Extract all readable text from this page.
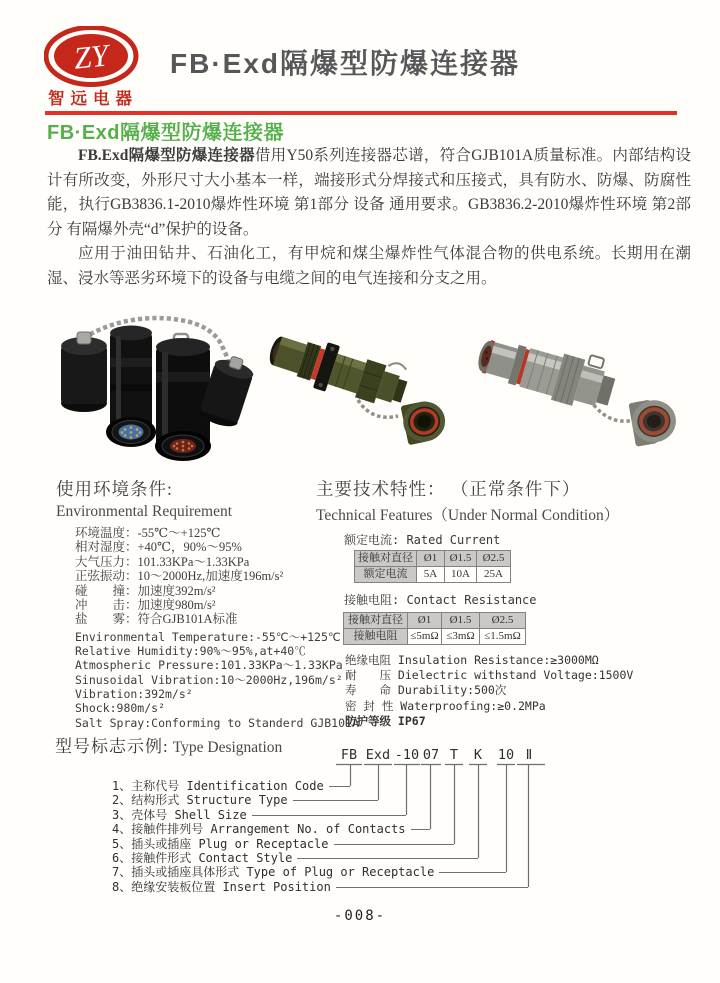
ZY
智远电器
FB·Exd隔爆型防爆连接器
FB·Exd隔爆型防爆连接器

FB.Exd隔爆型防爆连接器借用Y50系列连接器芯谱，符合GJB101A质量标准。内部结构设计有所改变，外形尺寸大小基本一样，端接形式分焊接式和压接式，具有防水、防爆、防腐性能，执行GB3836.1-2010爆炸性环境 第1部分 设备 通用要求。GB3836.2-2010爆炸性环境 第2部分 有隔爆外壳“d”保护的设备。

应用于油田钻井、石油化工，有甲烷和煤尘爆炸性气体混合物的供电系统。长期用在潮湿、浸水等恶劣环境下的设备与电缆之间的电气连接和分支之用。

使用环境条件:
Environmental Requirement
环境温度：-55℃～+125℃
相对湿度：+40℃，90%～95%
大气压力：101.33KPa～1.33KPa
正弦振动：10～2000Hz,加速度196m/s²
碰　　撞：加速度392m/s²
冲　　击：加速度980m/s²
盐　　雾：符合GJB101A标准
Environmental Temperature:-55℃～+125℃
Relative Humidity:90%～95%,at+40℃
Atmospheric Pressure:101.33KPa～1.33KPa
Sinusoidal Vibration:10～2000Hz,196m/s²
Vibration:392m/s²
Shock:980m/s²
Salt Spray:Conforming to Standerd GJB101A
主要技术特性： （正常条件下）
Technical Features（Under Normal Condition）
额定电流: Rated Current
接触对直径	Ø1	Ø1.5	Ø2.5
额定电流	5A	10A	25A
接触电阻: Contact Resistance
接触对直径	Ø1	Ø1.5	Ø2.5
接触电阻	≤5mΩ	≤3mΩ	≤1.5mΩ
绝缘电阻 Insulation Resistance:≥3000MΩ
耐　　压 Dielectric withstand Voltage:1500V
寿　　命 Durability:500次
密 封 性 Waterproofing:≥0.2MPa
防护等级 IP67
型号标志示例: Type Designation	FB Exd -10 07 T K 10 Ⅱ
1、主称代号 Identification Code
2、结构形式 Structure Type
3、壳体号 Shell Size
4、接触件排列号 Arrangement No. of Contacts
5、插头或插座 Plug or Receptacle
6、接触件形式 Contact Style
7、插头或插座具体形式 Type of Plug or Receptacle
8、绝缘安装板位置 Insert Position
-008-
